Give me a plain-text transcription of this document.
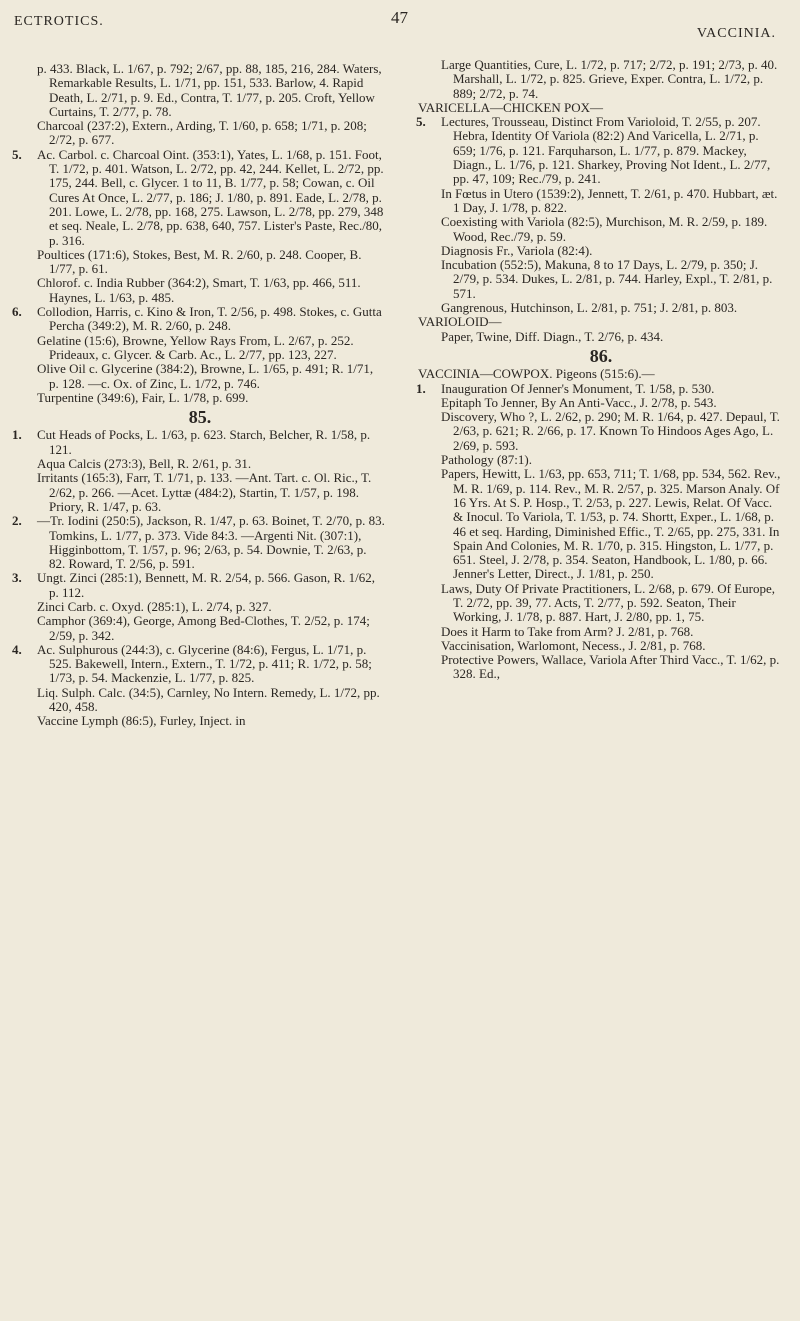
ECTROTICS.	47
VACCINIA.

p. 433. Black, L. 1/67, p. 792; 2/67, pp. 88, 185, 216, 284. Waters, Remarkable Results, L. 1/71, pp. 151, 533. Barlow, 4. Rapid Death, L. 2/71, p. 9. Ed., Contra, T. 1/77, p. 205. Croft, Yellow Curtains, T. 2/77, p. 78.

Charcoal (237:2), Extern., Arding, T. 1/60, p. 658; 1/71, p. 208; 2/72, p. 677.

5. Ac. Carbol. c. Charcoal Oint. (353:1), Yates, L. 1/68, p. 151. Foot, T. 1/72, p. 401. Watson, L. 2/72, pp. 42, 244. Kellet, L. 2/72, pp. 175, 244. Bell, c. Glycer. 1 to 11, B. 1/77, p. 58; Cowan, c. Oil Cures At Once, L. 2/77, p. 186; J. 1/80, p. 891. Eade, L. 2/78, p. 201. Lowe, L. 2/78, pp. 168, 275. Lawson, L. 2/78, pp. 279, 348 et seq. Neale, L. 2/78, pp. 638, 640, 757. Lister's Paste, Rec./80, p. 316.

Poultices (171:6), Stokes, Best, M. R. 2/60, p. 248. Cooper, B. 1/77, p. 61.

Chlorof. c. India Rubber (364:2), Smart, T. 1/63, pp. 466, 511. Haynes, L. 1/63, p. 485.

6. Collodion, Harris, c. Kino & Iron, T. 2/56, p. 498. Stokes, c. Gutta Percha (349:2), M. R. 2/60, p. 248.

Gelatine (15:6), Browne, Yellow Rays From, L. 2/67, p. 252. Prideaux, c. Glycer. & Carb. Ac., L. 2/77, pp. 123, 227.

Olive Oil c. Glycerine (384:2), Browne, L. 1/65, p. 491; R. 1/71, p. 128. —c. Ox. of Zinc, L. 1/72, p. 746.

Turpentine (349:6), Fair, L. 1/78, p. 699.

85.

1. Cut Heads of Pocks, L. 1/63, p. 623. Starch, Belcher, R. 1/58, p. 121.

Aqua Calcis (273:3), Bell, R. 2/61, p. 31.

Irritants (165:3), Farr, T. 1/71, p. 133. —Ant. Tart. c. Ol. Ric., T. 2/62, p. 266. —Acet. Lyttæ (484:2), Startin, T. 1/57, p. 198. Priory, R. 1/47, p. 63.

2. —Tr. Iodini (250:5), Jackson, R. 1/47, p. 63. Boinet, T. 2/70, p. 83. Tomkins, L. 1/77, p. 373. Vide 84:3. —Argenti Nit. (307:1), Higginbottom, T. 1/57, p. 96; 2/63, p. 54. Downie, T. 2/63, p. 82. Roward, T. 2/56, p. 591.

3. Ungt. Zinci (285:1), Bennett, M. R. 2/54, p. 566. Gason, R. 1/62, p. 112.

Zinci Carb. c. Oxyd. (285:1), L. 2/74, p. 327.

Camphor (369:4), George, Among Bed-Clothes, T. 2/52, p. 174; 2/59, p. 342.

4. Ac. Sulphurous (244:3), c. Glycerine (84:6), Fergus, L. 1/71, p. 525. Bakewell, Intern., Extern., T. 1/72, p. 411; R. 1/72, p. 58; 1/73, p. 54. Mackenzie, L. 1/77, p. 825.

Liq. Sulph. Calc. (34:5), Carnley, No Intern. Remedy, L. 1/72, pp. 420, 458.

Vaccine Lymph (86:5), Furley, Inject. in

Large Quantities, Cure, L. 1/72, p. 717; 2/72, p. 191; 2/73, p. 40. Marshall, L. 1/72, p. 825. Grieve, Exper. Contra, L. 1/72, p. 889; 2/72, p. 74.

VARICELLA—CHICKEN POX—

5. Lectures, Trousseau, Distinct From Varioloid, T. 2/55, p. 207. Hebra, Identity Of Variola (82:2) And Varicella, L. 2/71, p. 659; 1/76, p. 121. Farquharson, L. 1/77, p. 879. Mackey, Diagn., L. 1/76, p. 121. Sharkey, Proving Not Ident., L. 2/77, pp. 47, 109; Rec./79, p. 241.

In Fœtus in Utero (1539:2), Jennett, T. 2/61, p. 470. Hubbart, æt. 1 Day, J. 1/78, p. 822.

Coexisting with Variola (82:5), Murchison, M. R. 2/59, p. 189. Wood, Rec./79, p. 59.

Diagnosis Fr., Variola (82:4).

Incubation (552:5), Makuna, 8 to 17 Days, L. 2/79, p. 350; J. 2/79, p. 534. Dukes, L. 2/81, p. 744. Harley, Expl., T. 2/81, p. 571.

Gangrenous, Hutchinson, L. 2/81, p. 751; J. 2/81, p. 803.

VARIOLOID—

Paper, Twine, Diff. Diagn., T. 2/76, p. 434.

86.

VACCINIA—COWPOX. Pigeons (515:6).—

1. Inauguration Of Jenner's Monument, T. 1/58, p. 530.

Epitaph To Jenner, By An Anti-Vacc., J. 2/78, p. 543.

Discovery, Who ?, L. 2/62, p. 290; M. R. 1/64, p. 427. Depaul, T. 2/63, p. 621; R. 2/66, p. 17. Known To Hindoos Ages Ago, L. 2/69, p. 593.

Pathology (87:1).

Papers, Hewitt, L. 1/63, pp. 653, 711; T. 1/68, pp. 534, 562. Rev., M. R. 1/69, p. 114. Rev., M. R. 2/57, p. 325. Marson Analy. Of 16 Yrs. At S. P. Hosp., T. 2/53, p. 227. Lewis, Relat. Of Vacc. & Inocul. To Variola, T. 1/53, p. 74. Shortt, Exper., L. 1/68, p. 46 et seq. Harding, Diminished Effic., T. 2/65, pp. 275, 331. In Spain And Colonies, M. R. 1/70, p. 315. Hingston, L. 1/77, p. 651. Steel, J. 2/78, p. 354. Seaton, Handbook, L. 1/80, p. 66. Jenner's Letter, Direct., J. 1/81, p. 250.

Laws, Duty Of Private Practitioners, L. 2/68, p. 679. Of Europe, T. 2/72, pp. 39, 77. Acts, T. 2/77, p. 592. Seaton, Their Working, J. 1/78, p. 887. Hart, J. 2/80, pp. 1, 75.

Does it Harm to Take from Arm? J. 2/81, p. 768.

Vaccinisation, Warlomont, Necess., J. 2/81, p. 768.

Protective Powers, Wallace, Variola After Third Vacc., T. 1/62, p. 328. Ed.,
